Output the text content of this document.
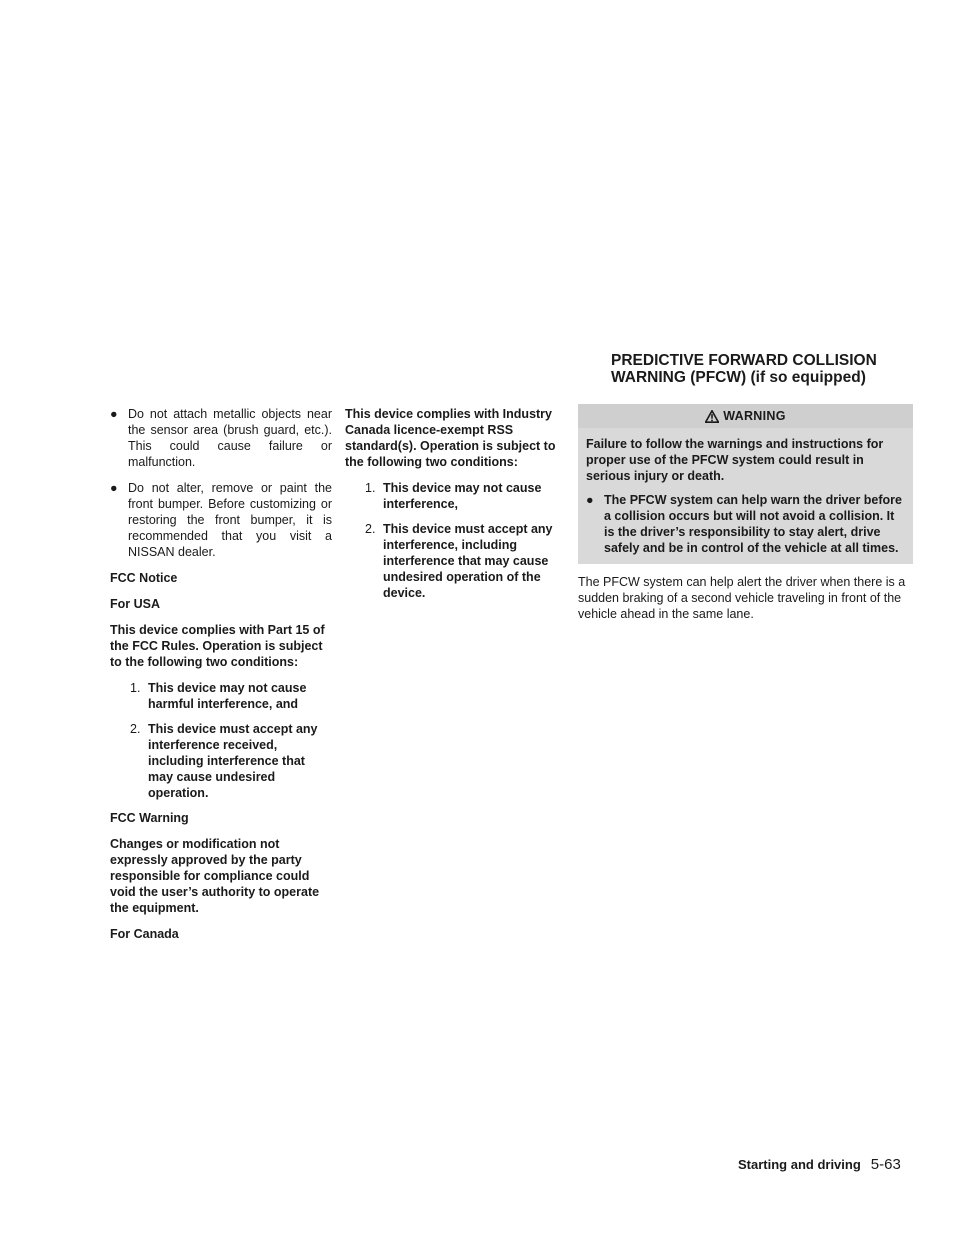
PREDICTIVE FORWARD COLLISION
WARNING (PFCW) (if so equipped)
● Do not attach metallic objects near the sensor area (brush guard, etc.). This could cause failure or malfunction.
● Do not alter, remove or paint the front bumper. Before customizing or restoring the front bumper, it is recommended that you visit a NISSAN dealer.

FCC Notice

For USA

This device complies with Part 15 of the FCC Rules. Operation is subject to the following two conditions:

1. This device may not cause harmful interference, and
2. This device must accept any interference received, including interference that may cause undesired operation.

FCC Warning

Changes or modification not expressly approved by the party responsible for compliance could void the user’s authority to operate the equipment.

For Canada

This device complies with Industry Canada licence-exempt RSS standard(s). Operation is subject to the following two conditions:

1. This device may not cause interference,
2. This device must accept any interference, including interference that may cause undesired operation of the device.
WARNING

Failure to follow the warnings and instructions for proper use of the PFCW system could result in serious injury or death.

● The PFCW system can help warn the driver before a collision occurs but will not avoid a collision. It is the driver’s responsibility to stay alert, drive safely and be in control of the vehicle at all times.

The PFCW system can help alert the driver when there is a sudden braking of a second vehicle traveling in front of the vehicle ahead in the same lane.

Starting and driving 5-63
